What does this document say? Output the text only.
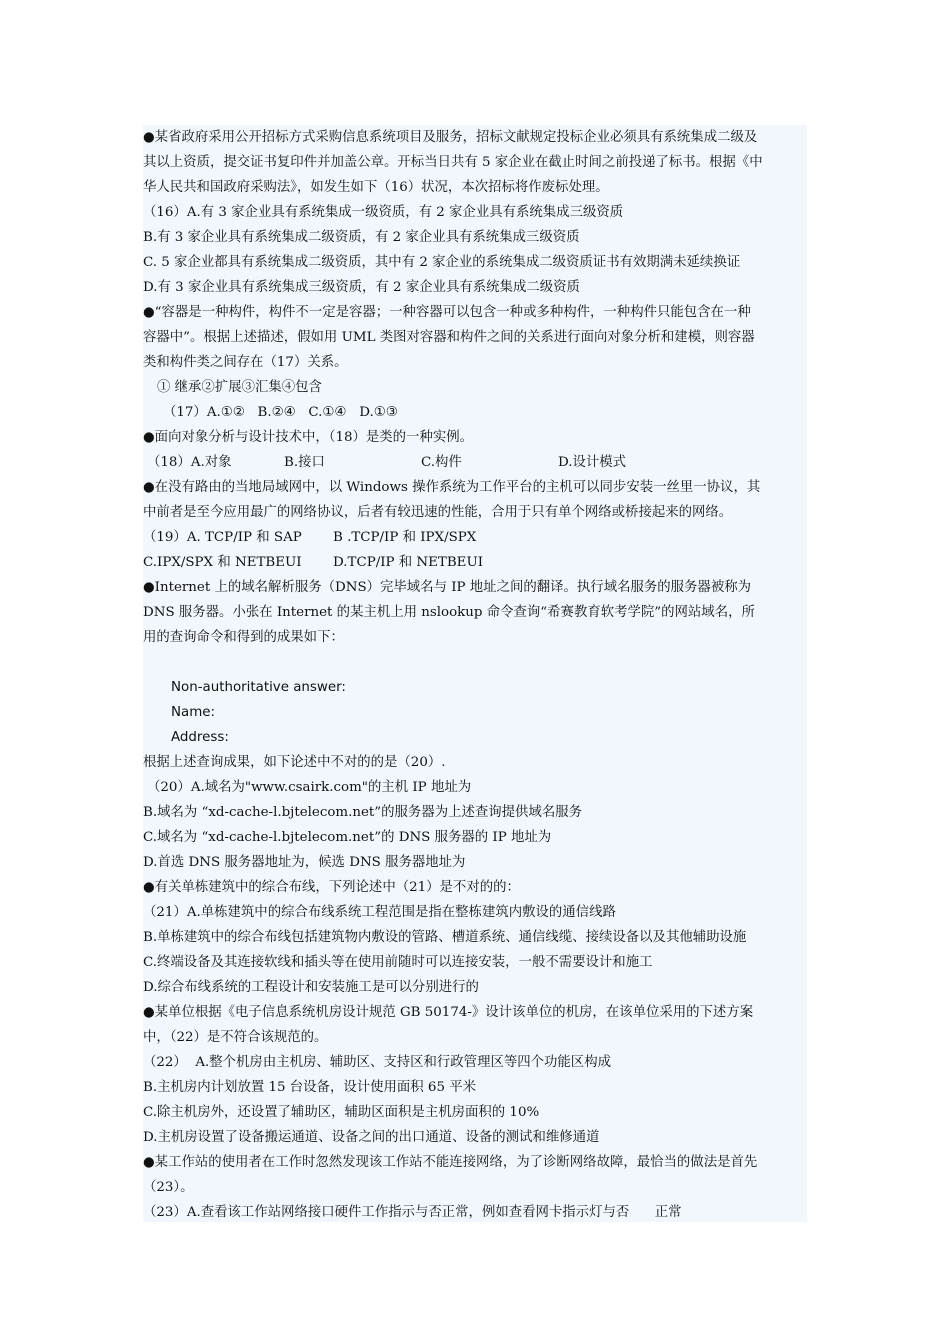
●某省政府采用公开招标方式采购信息系统项目及服务，招标文献规定投标企业必须具有系统集成二级及
其以上资质，提交证书复印件并加盖公章。开标当日共有 5 家企业在截止时间之前投递了标书。根据《中
华人民共和国政府采购法》，如发生如下（16）状况，本次招标将作废标处理。
（16）A.有 3 家企业具有系统集成一级资质，有 2 家企业具有系统集成三级资质
B.有 3 家企业具有系统集成二级资质，有 2 家企业具有系统集成三级资质
C. 5 家企业都具有系统集成二级资质，其中有 2 家企业的系统集成二级资质证书有效期满未延续换证
D.有 3 家企业具有系统集成三级资质，有 2 家企业具有系统集成二级资质
●“容器是一种构件，构件不一定是容器；一种容器可以包含一种或多种构件，一种构件只能包含在一种
容器中”。根据上述描述，假如用 UML 类图对容器和构件之间的关系进行面向对象分析和建模，则容器
类和构件类之间存在（17）关系。
① 继承②扩展③汇集④包含
（17）A.①②   B.②④   C.①④   D.①③
●面向对象分析与设计技术中，（18）是类的一种实例。
（18）A.对象	B.接口	C.构件	D.设计模式
●在没有路由的当地局域网中，以 Windows 操作系统为工作平台的主机可以同步安装一丝里一协议，其
中前者是至今应用最广的网络协议，后者有较迅速的性能，合用于只有单个网络或桥接起来的网络。
（19）A. TCP/IP 和 SAP B .TCP/IP 和 IPX/SPX
C.IPX/SPX 和 NETBEUI D.TCP/IP 和 NETBEUI
●Internet 上的域名解析服务（DNS）完毕域名与 IP 地址之间的翻译。执行域名服务的服务器被称为
DNS 服务器。小张在 Internet 的某主机上用 nslookup 命令查询“希赛教育软考学院”的网站域名，所
用的查询命令和得到的成果如下：
Non-authoritative answer:
Name:
Address:
根据上述查询成果，如下论述中不对的的是（20）.
（20）A.域名为"www.csairk.com"的主机 IP 地址为
B.域名为 “xd-cache-l.bjtelecom.net”的服务器为上述查询提供域名服务
C.域名为 “xd-cache-l.bjtelecom.net”的 DNS 服务器的 IP 地址为
D.首选 DNS 服务器地址为，候选 DNS 服务器地址为
●有关单栋建筑中的综合布线，下列论述中（21）是不对的的：
（21）A.单栋建筑中的综合布线系统工程范围是指在整栋建筑内敷设的通信线路
B.单栋建筑中的综合布线包括建筑物内敷设的管路、槽道系统、通信线缆、接续设备以及其他辅助设施
C.终端设备及其连接软线和插头等在使用前随时可以连接安装，一般不需要设计和施工
D.综合布线系统的工程设计和安装施工是可以分别进行的
●某单位根据《电子信息系统机房设计规范 GB 50174-》设计该单位的机房，在该单位采用的下述方案
中，（22）是不符合该规范的。
（22）  A.整个机房由主机房、辅助区、支持区和行政管理区等四个功能区构成
B.主机房内计划放置 15 台设备，设计使用面积 65 平米
C.除主机房外，还设置了辅助区，辅助区面积是主机房面积的 10%
D.主机房设置了设备搬运通道、设备之间的出口通道、设备的测试和维修通道
●某工作站的使用者在工作时忽然发现该工作站不能连接网络，为了诊断网络故障，最恰当的做法是首先
（23）。
（23）A.查看该工作站网络接口硬件工作指示与否正常，例如查看网卡指示灯与否      正常
